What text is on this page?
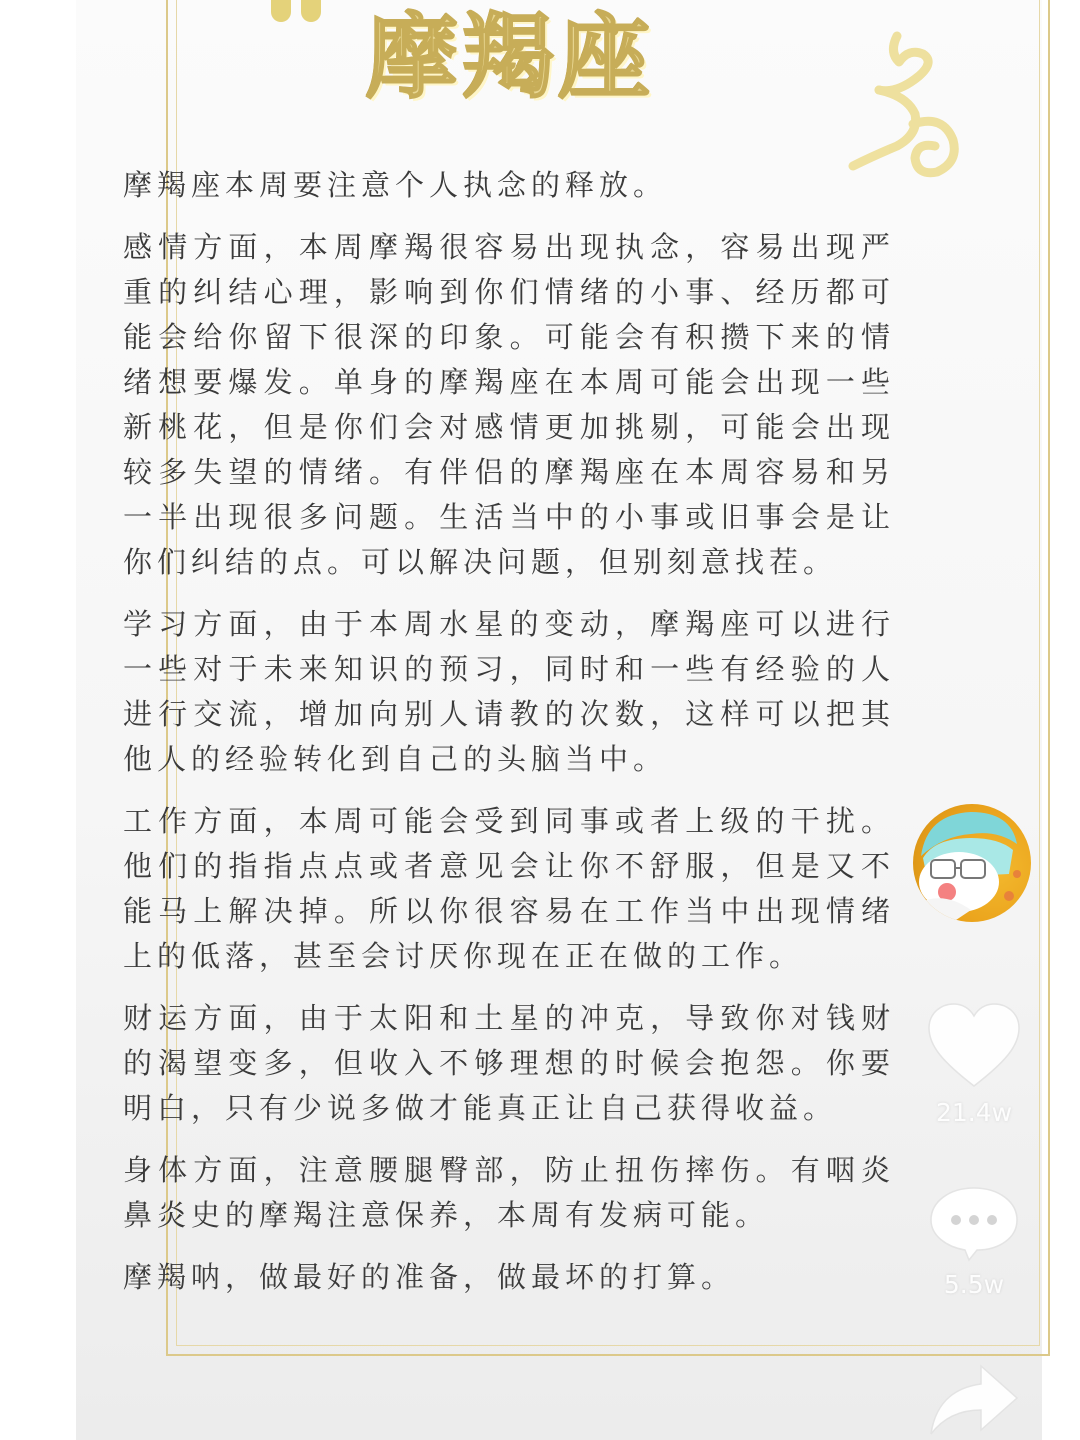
摩羯座

摩羯座本周要注意个人执念的释放。

感情方面，本周摩羯很容易出现执念，容易出现严重的纠结心理，影响到你们情绪的小事、经历都可能会给你留下很深的印象。可能会有积攒下来的情绪想要爆发。单身的摩羯座在本周可能会出现一些新桃花，但是你们会对感情更加挑剔，可能会出现较多失望的情绪。有伴侣的摩羯座在本周容易和另一半出现很多问题。生活当中的小事或旧事会是让你们纠结的点。可以解决问题，但别刻意找茬。

学习方面，由于本周水星的变动，摩羯座可以进行一些对于未来知识的预习，同时和一些有经验的人进行交流，增加向别人请教的次数，这样可以把其他人的经验转化到自己的头脑当中。

工作方面，本周可能会受到同事或者上级的干扰。他们的指指点点或者意见会让你不舒服，但是又不能马上解决掉。所以你很容易在工作当中出现情绪上的低落，甚至会讨厌你现在正在做的工作。

财运方面，由于太阳和土星的冲克，导致你对钱财的渴望变多，但收入不够理想的时候会抱怨。你要明白，只有少说多做才能真正让自己获得收益。

身体方面，注意腰腿臀部，防止扭伤摔伤。有咽炎鼻炎史的摩羯注意保养，本周有发病可能。

摩羯呐，做最好的准备，做最坏的打算。

21.4w
5.5w
